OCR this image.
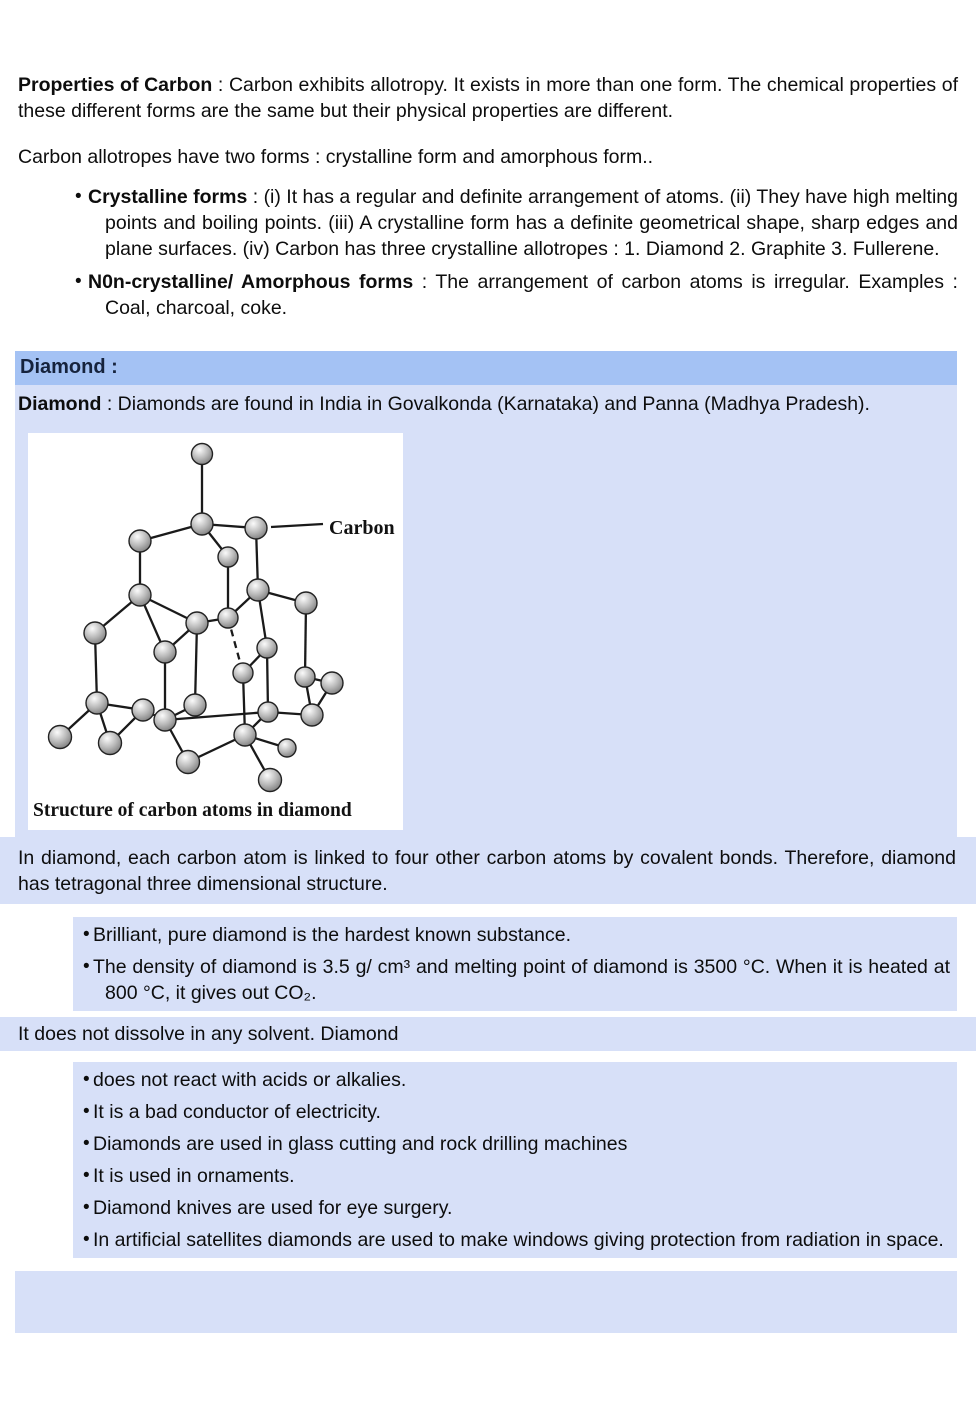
Properties of Carbon : Carbon exhibits allotropy. It exists in more than one form. The chemical properties of these different forms are the same but their physical properties are different.

Carbon allotropes have two forms : crystalline form and amorphous form..

• Crystalline forms : (i) It has a regular and definite arrangement of atoms. (ii) They have high melting points and boiling points. (iii) A crystalline form has a definite geometrical shape, sharp edges and plane surfaces. (iv) Carbon has three crystalline allotropes : 1. Diamond 2. Graphite 3. Fullerene.
• N0n-crystalline/ Amorphous forms : The arrangement of carbon atoms is irregular. Examples : Coal, charcoal, coke.
Diamond :

Diamond : Diamonds are found in India in Govalkonda (Karnataka) and Panna (Madhya Pradesh).

Carbon
Structure of carbon atoms in diamond
In diamond, each carbon atom is linked to four other carbon atoms by covalent bonds. Therefore, diamond has tetragonal three dimensional structure.
• Brilliant, pure diamond is the hardest known substance.
• The density of diamond is 3.5 g/ cm³ and melting point of diamond is 3500 °C. When it is heated at 800 °C, it gives out CO₂.
It does not dissolve in any solvent. Diamond
• does not react with acids or alkalies.
• It is a bad conductor of electricity.
• Diamonds are used in glass cutting and rock drilling machines
• It is used in ornaments.
• Diamond knives are used for eye surgery.
• In artificial satellites diamonds are used to make windows giving protection from radiation in space.
